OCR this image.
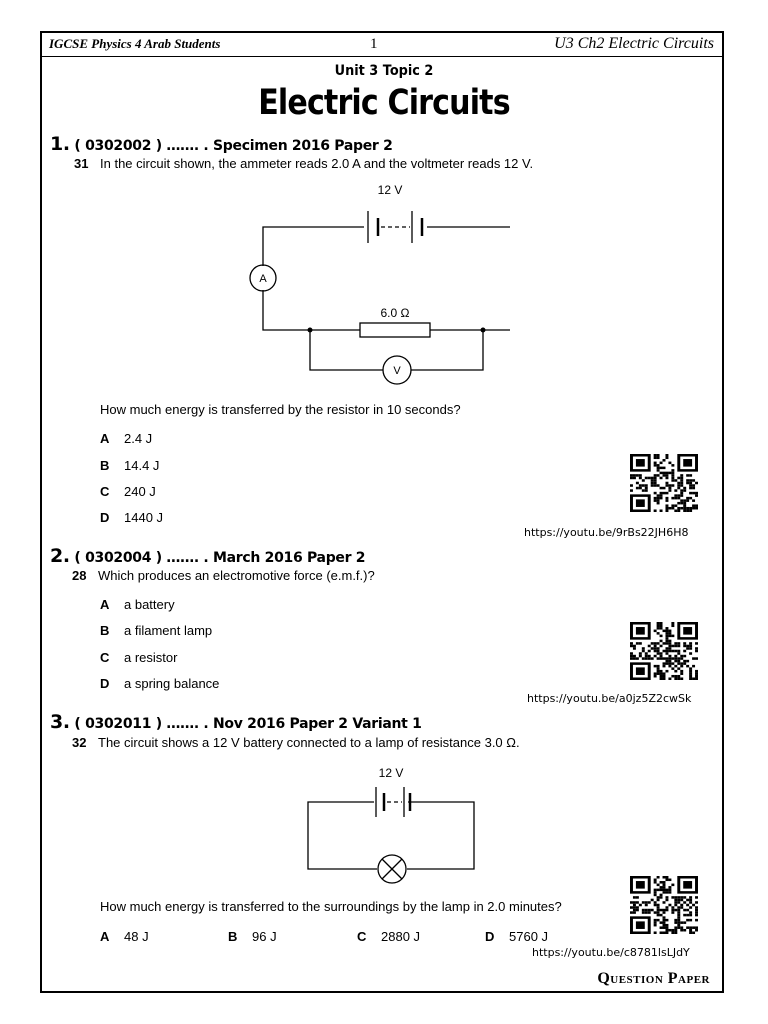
IGCSE Physics 4 Arab Students	1	U3 Ch2 Electric Circuits
Unit 3 Topic 2
Electric Circuits
1. ( 0302002 ) ……. . Specimen 2016 Paper 2
31 In the circuit shown, the ammeter reads 2.0 A and the voltmeter reads 12 V.
12 V
A
6.0 Ω
V
How much energy is transferred by the resistor in 10 seconds?
A 2.4 J
B 14.4 J
C 240 J
D 1440 J
https://youtu.be/9rBs22JH6H8
2. ( 0302004 ) ……. . March 2016 Paper 2
28 Which produces an electromotive force (e.m.f.)?
A a battery
B a filament lamp
C a resistor
D a spring balance
https://youtu.be/a0jz5Z2cwSk
3. ( 0302011 ) ……. . Nov 2016 Paper 2 Variant 1
32 The circuit shows a 12 V battery connected to a lamp of resistance 3.0 Ω.
12 V
How much energy is transferred to the surroundings by the lamp in 2.0 minutes?
A 48 J	B 96 J	C 2880 J	D 5760 J
https://youtu.be/c8781lsLJdY
Question Paper
